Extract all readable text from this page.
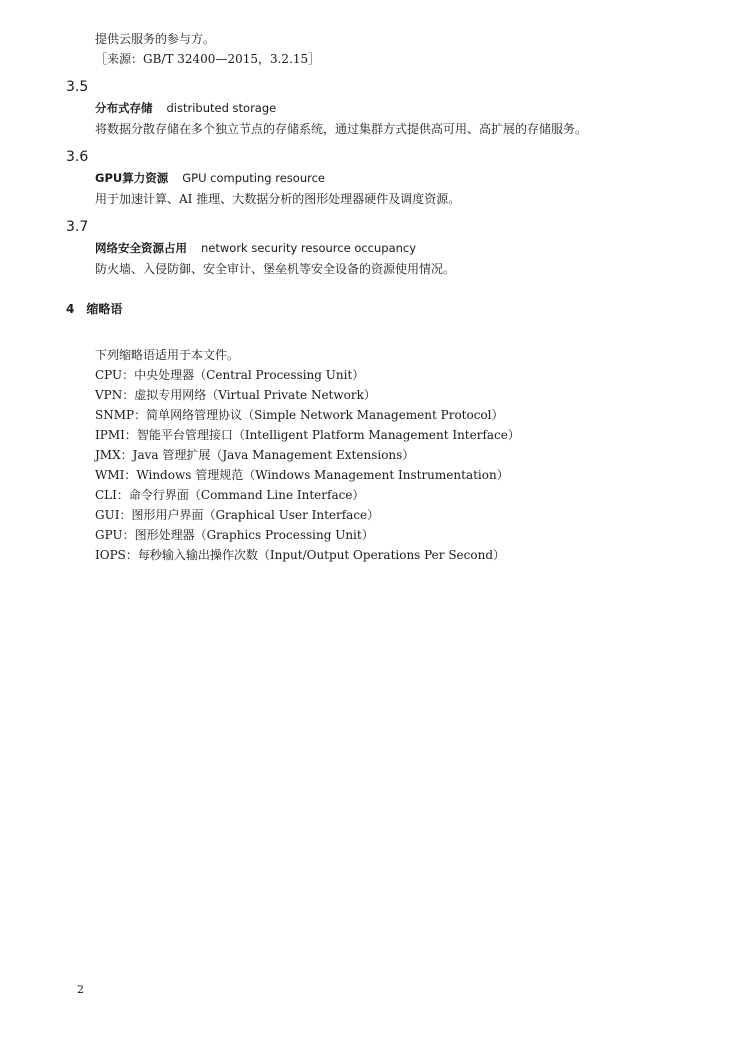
提供云服务的参与方。
［来源：GB/T 32400—2015，3.2.15］
3.5
分布式存储 distributed storage
将数据分散存储在多个独立节点的存储系统，通过集群方式提供高可用、高扩展的存储服务。
3.6
GPU算力资源 GPU computing resource
用于加速计算、AI 推理、大数据分析的图形处理器硬件及调度资源。
3.7
网络安全资源占用 network security resource occupancy
防火墙、入侵防御、安全审计、堡垒机等安全设备的资源使用情况。
4　缩略语
下列缩略语适用于本文件。
CPU：中央处理器（Central Processing Unit）
VPN：虚拟专用网络（Virtual Private Network）
SNMP：简单网络管理协议（Simple Network Management Protocol）
IPMI：智能平台管理接口（Intelligent Platform Management Interface）
JMX：Java 管理扩展（Java Management Extensions）
WMI：Windows 管理规范（Windows Management Instrumentation）
CLI：命令行界面（Command Line Interface）
GUI：图形用户界面（Graphical User Interface）
GPU：图形处理器（Graphics Processing Unit）
IOPS：每秒输入输出操作次数（Input/Output Operations Per Second）
2
